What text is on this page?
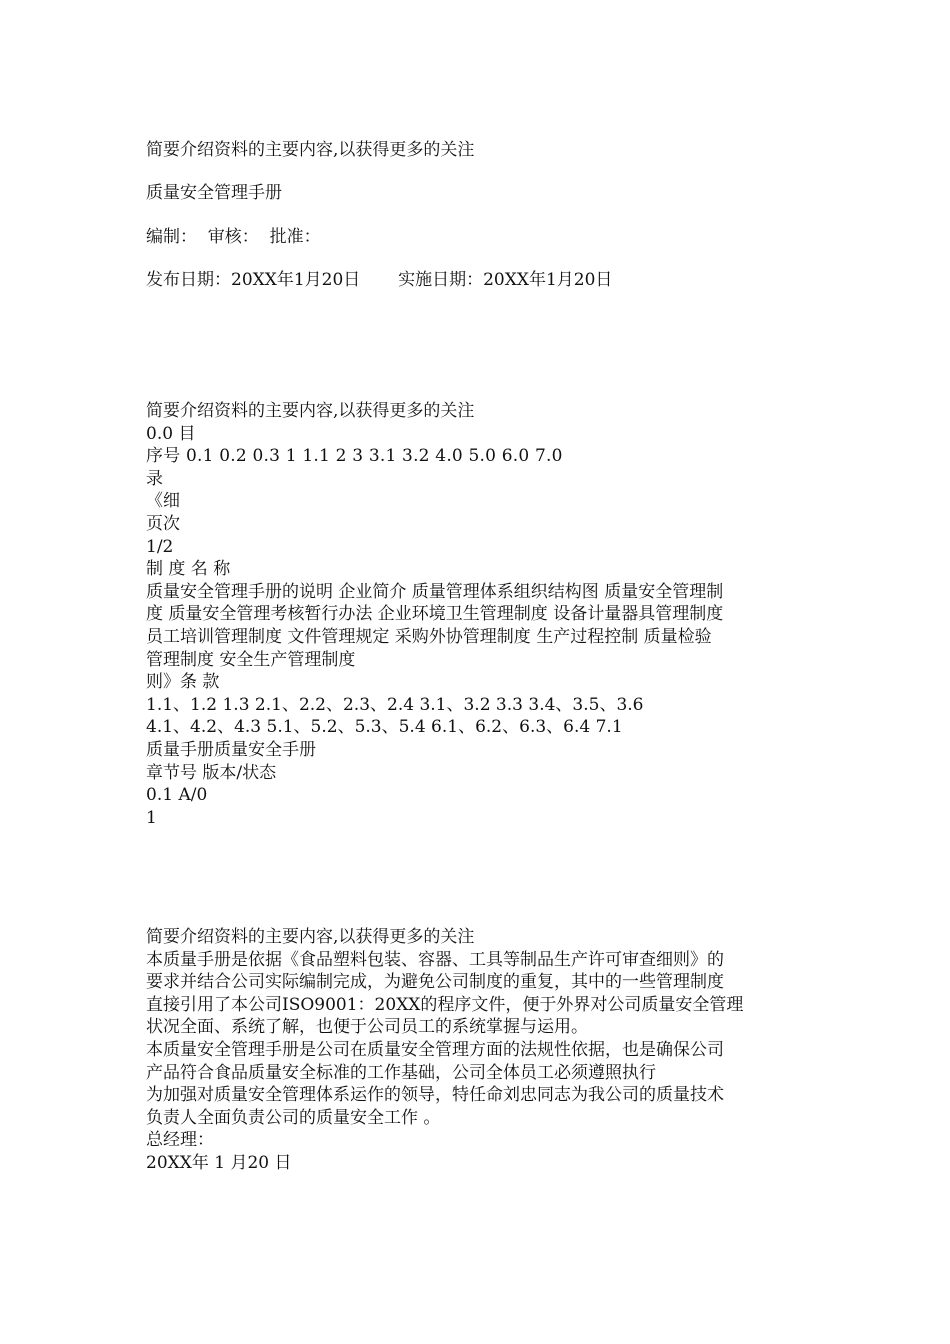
简要介绍资料的主要内容,以获得更多的关注
质量安全管理手册
编制：  审核：  批准：
发布日期：20XX年1月20日       实施日期：20XX年1月20日
简要介绍资料的主要内容,以获得更多的关注
0.0 目
序号 0.1 0.2 0.3 1 1.1 2 3 3.1 3.2 4.0 5.0 6.0 7.0
录
《细
页次
1/2
制 度 名 称
质量安全管理手册的说明 企业简介 质量管理体系组织结构图 质量安全管理制
度 质量安全管理考核暂行办法 企业环境卫生管理制度 设备计量器具管理制度
员工培训管理制度 文件管理规定 采购外协管理制度 生产过程控制 质量检验
管理制度 安全生产管理制度
则》条 款
1.1、1.2 1.3 2.1、2.2、2.3、2.4 3.1、3.2 3.3 3.4、3.5、3.6
4.1、4.2、4.3 5.1、5.2、5.3、5.4 6.1、6.2、6.3、6.4 7.1
质量手册质量安全手册
章节号 版本/状态
0.1 A/0
1
简要介绍资料的主要内容,以获得更多的关注
本质量手册是依据《食品塑料包装、容器、工具等制品生产许可审查细则》的
要求并结合公司实际编制完成，为避免公司制度的重复，其中的一些管理制度
直接引用了本公司ISO9001：20XX的程序文件，便于外界对公司质量安全管理
状况全面、系统了解，也便于公司员工的系统掌握与运用。
本质量安全管理手册是公司在质量安全管理方面的法规性依据，也是确保公司
产品符合食品质量安全标准的工作基础，公司全体员工必须遵照执行
为加强对质量安全管理体系运作的领导，特任命刘忠同志为我公司的质量技术
负责人全面负责公司的质量安全工作 。
总经理：
20XX年 1 月20 日
